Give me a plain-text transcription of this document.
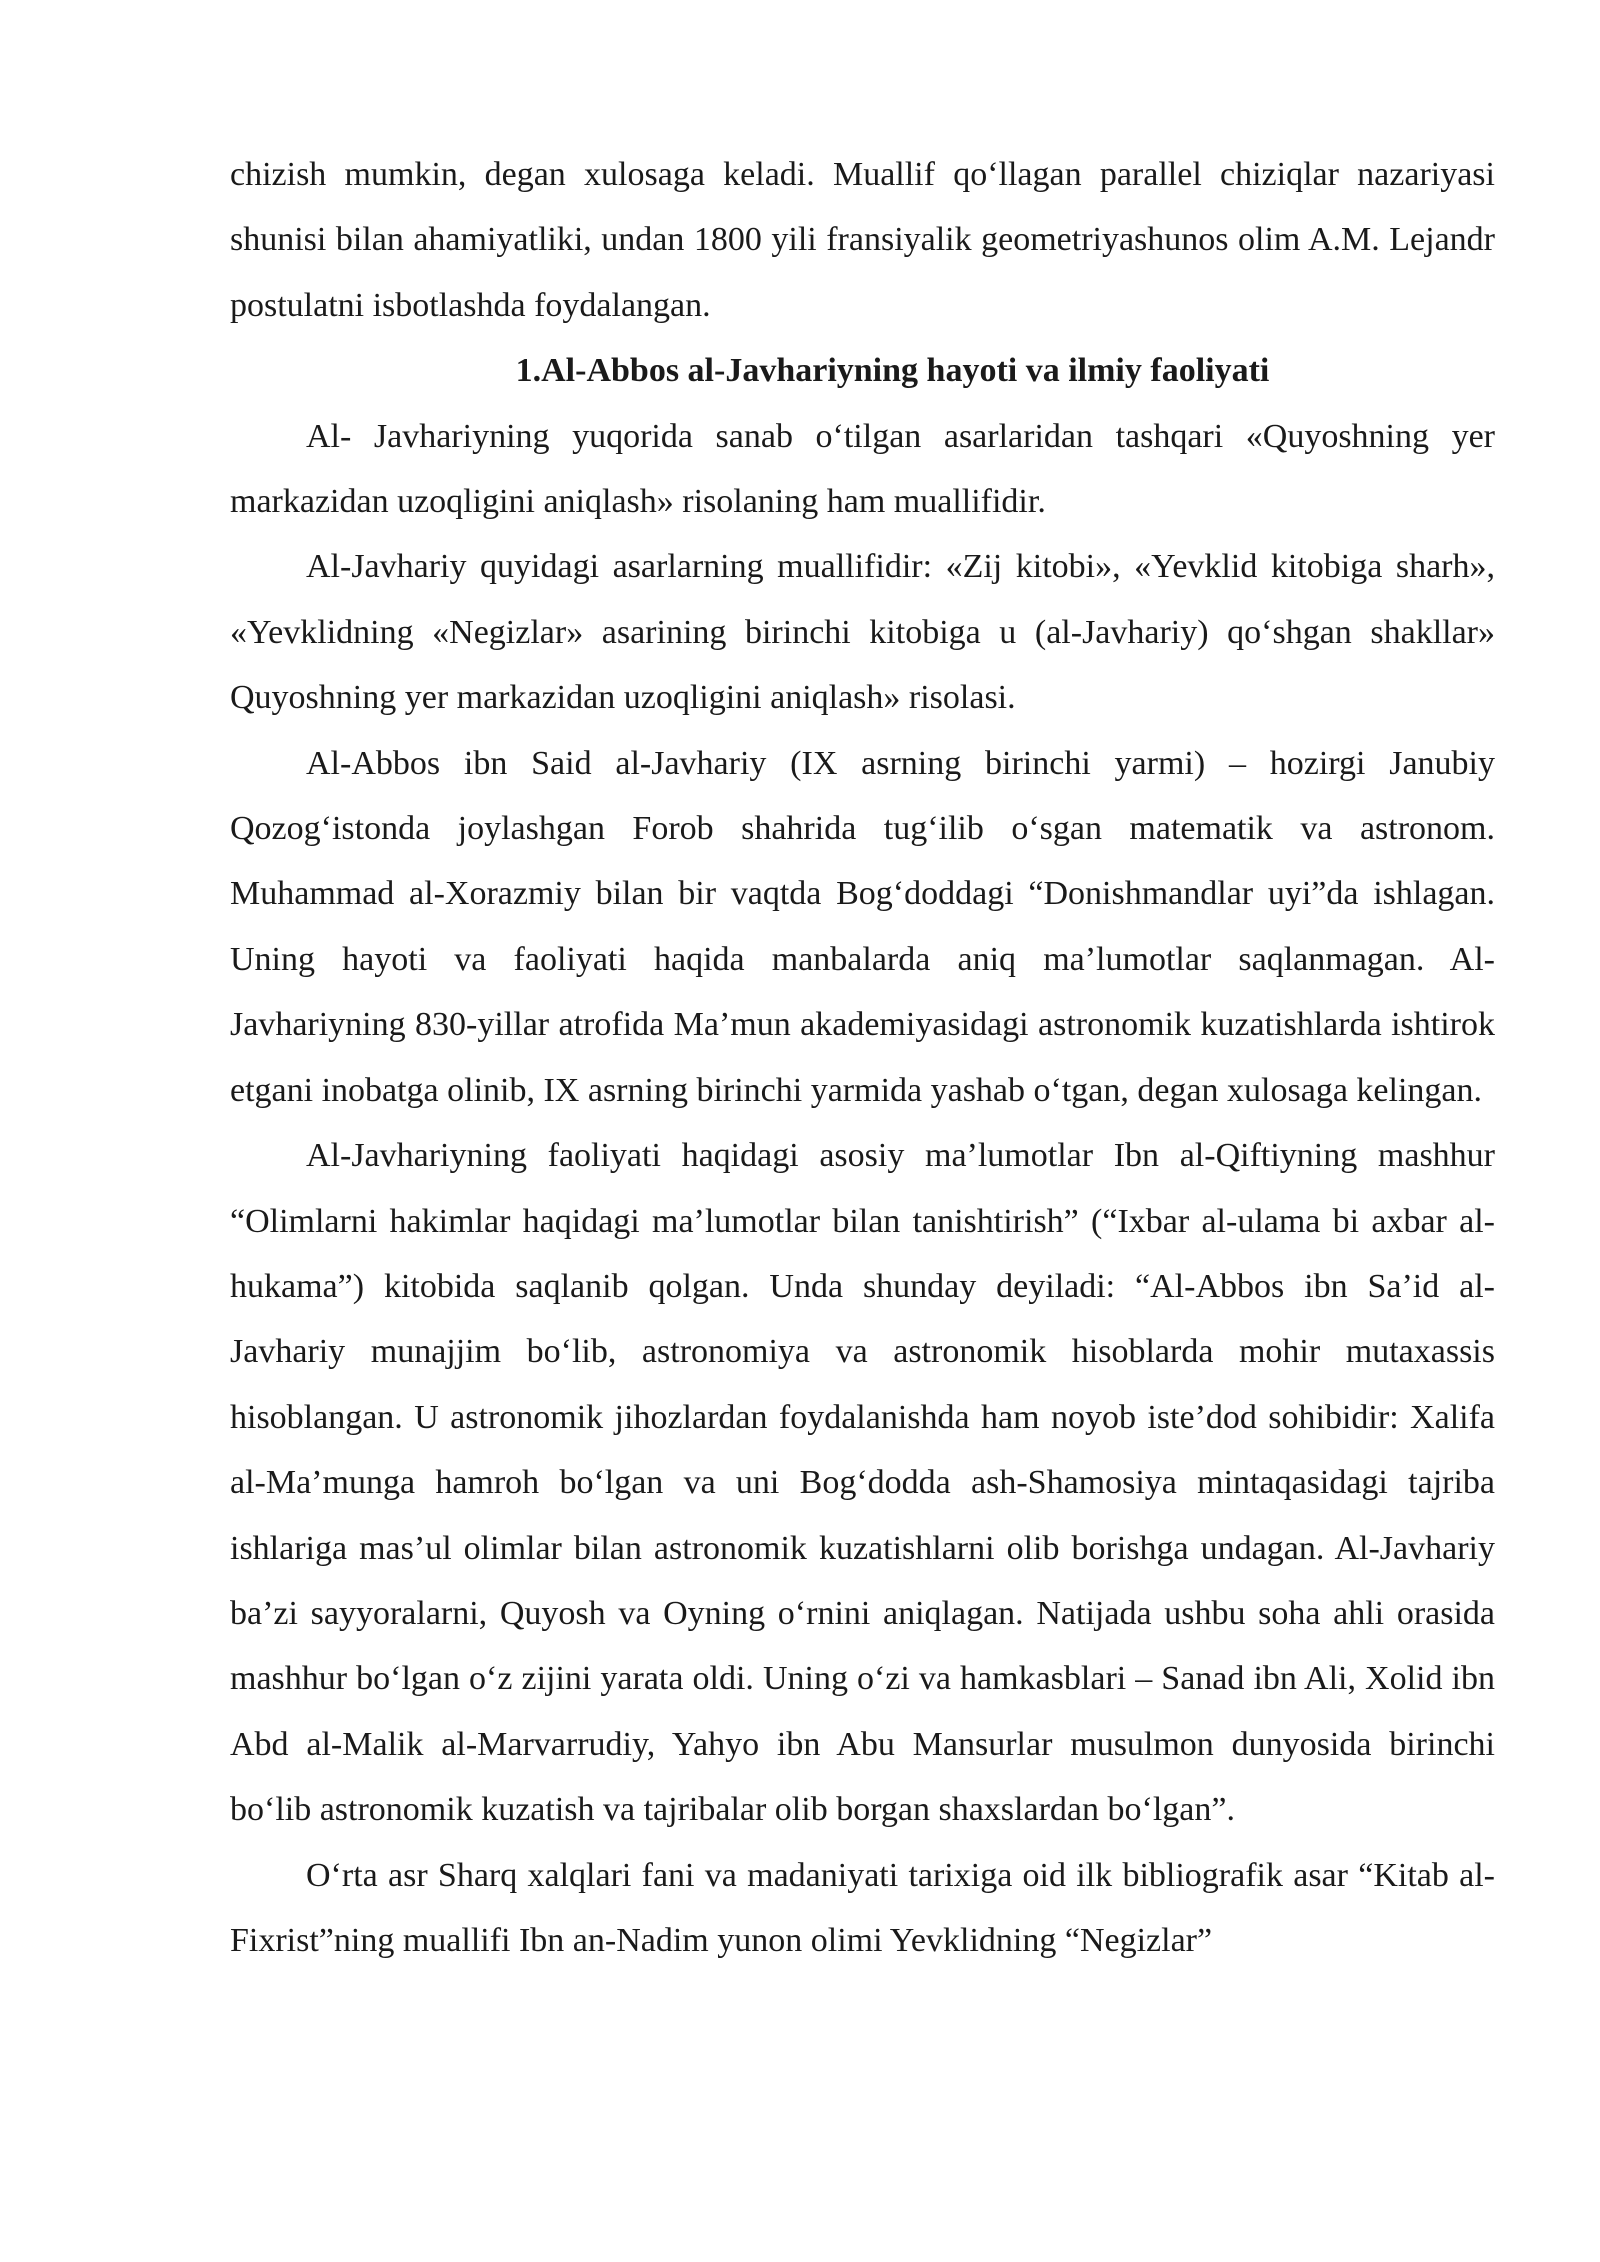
chizish mumkin, degan xulosaga keladi. Muallif qo‘llagan parallel chiziqlar nazariyasi shunisi bilan ahamiyatliki, undan 1800 yili fransiyalik geometriyashunos olim A.M. Lejandr postulatni isbotlashda foydalangan.

1.Al-Abbos al-Javhariyning hayoti va ilmiy faoliyati

Al- Javhariyning yuqorida sanab o‘tilgan asarlaridan tashqari «Quyoshning yer markazidan uzoqligini aniqlash» risolaning ham muallifidir.

Al-Javhariy quyidagi asarlarning muallifidir: «Zij kitobi», «Yevklid kitobiga sharh», «Yevklidning «Negizlar» asarining birinchi kitobiga u (al-Javhariy) qo‘shgan shakllar» Quyoshning yer markazidan uzoqligini aniqlash» risolasi.

Al-Abbos ibn Said al-Javhariy (IX asrning birinchi yarmi) – hozirgi Janubiy Qozog‘istonda joylashgan Forob shahrida tug‘ilib o‘sgan matematik va astronom. Muhammad al-Xorazmiy bilan bir vaqtda Bog‘doddagi “Donishmandlar uyi”da ishlagan. Uning hayoti va faoliyati haqida manbalarda aniq ma’lumotlar saqlanmagan. Al-Javhariyning 830-yillar atrofida Ma’mun akademiyasidagi astronomik kuzatishlarda ishtirok etgani inobatga olinib, IX asrning birinchi yarmida yashab o‘tgan, degan xulosaga kelingan.

Al-Javhariyning faoliyati haqidagi asosiy ma’lumotlar Ibn al-Qiftiyning mashhur “Olimlarni hakimlar haqidagi ma’lumotlar bilan tanishtirish” (“Ixbar al-ulama bi axbar al-hukama”) kitobida saqlanib qolgan. Unda shunday deyiladi: “Al-Abbos ibn Sa’id al-Javhariy munajjim bo‘lib, astronomiya va astronomik hisoblarda mohir mutaxassis hisoblangan. U astronomik jihozlardan foydalanishda ham noyob iste’dod sohibidir: Xalifa al-Ma’munga hamroh bo‘lgan va uni Bog‘dodda ash-Shamosiya mintaqasidagi tajriba ishlariga mas’ul olimlar bilan astronomik kuzatishlarni olib borishga undagan. Al-Javhariy ba’zi sayyoralarni, Quyosh va Oyning o‘rnini aniqlagan. Natijada ushbu soha ahli orasida mashhur bo‘lgan o‘z zijini yarata oldi. Uning o‘zi va hamkasblari – Sanad ibn Ali, Xolid ibn Abd al-Malik al-Marvarrudiy, Yahyo ibn Abu Mansurlar musulmon dunyosida birinchi bo‘lib astronomik kuzatish va tajribalar olib borgan shaxslardan bo‘lgan”.

O‘rta asr Sharq xalqlari fani va madaniyati tarixiga oid ilk bibliografik asar “Kitab al-Fixrist”ning muallifi Ibn an-Nadim yunon olimi Yevklidning “Negizlar”
